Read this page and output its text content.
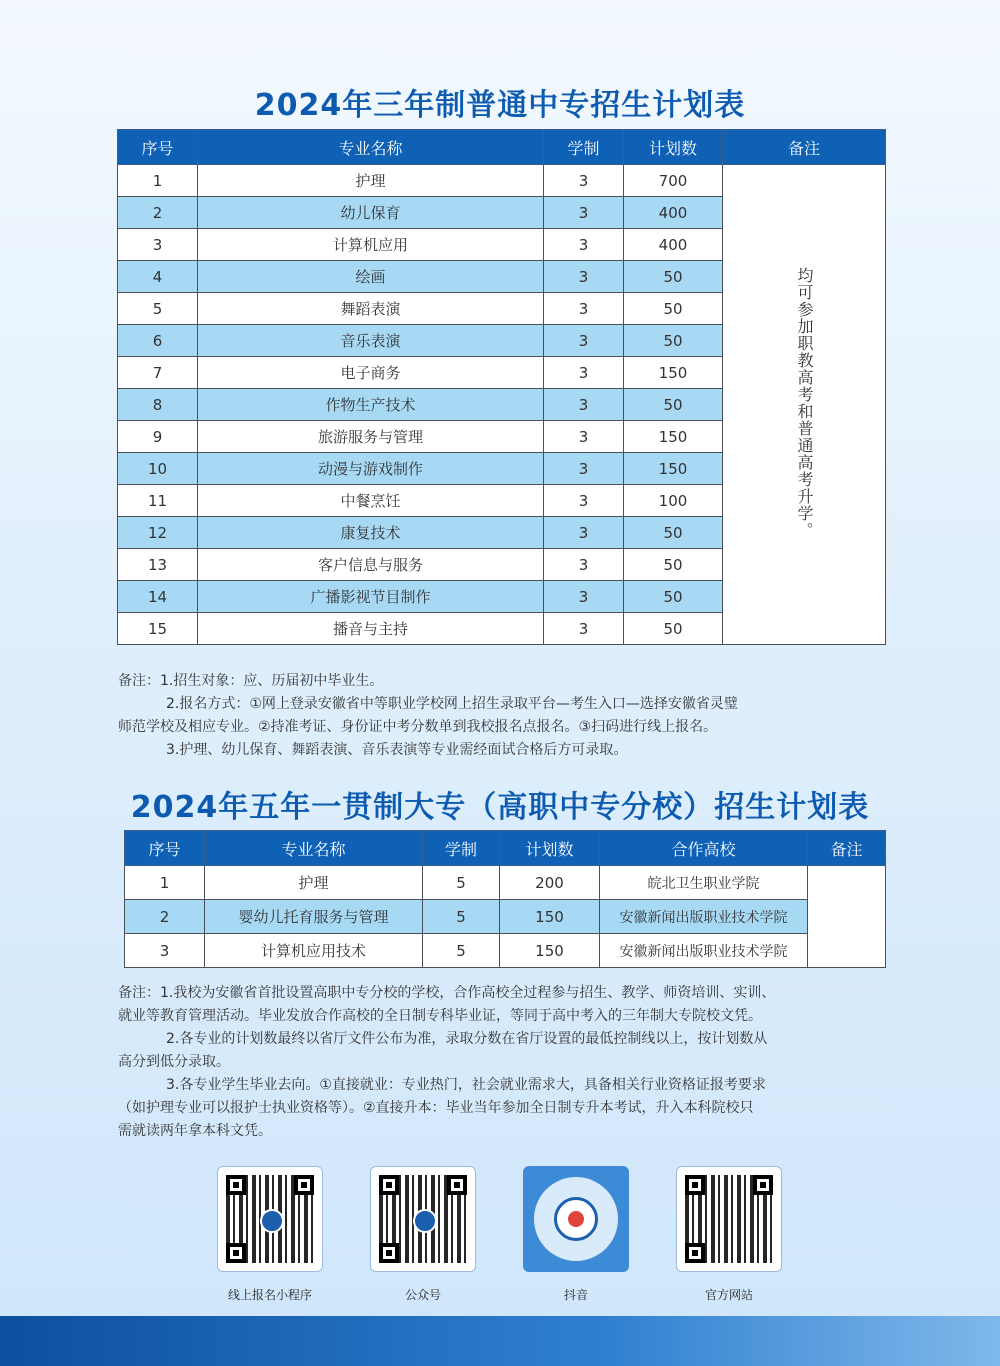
2024年三年制普通中专招生计划表
序号	专业名称	学制	计划数	备注
1	护理	3	700	均可参加职教高考和普通高考升学。
2	幼儿保育	3	400	
3	计算机应用	3	400	
4	绘画	3	50	
5	舞蹈表演	3	50	
6	音乐表演	3	50	
7	电子商务	3	150	
8	作物生产技术	3	50	
9	旅游服务与管理	3	150	
10	动漫与游戏制作	3	150	
11	中餐烹饪	3	100	
12	康复技术	3	50	
13	客户信息与服务	3	50	
14	广播影视节目制作	3	50	
15	播音与主持	3	50	

备注：1.招生对象：应、历届初中毕业生。

2.报名方式：①网上登录安徽省中等职业学校网上招生录取平台—考生入口—选择安徽省灵璧

师范学校及相应专业。②持准考证、身份证中考分数单到我校报名点报名。③扫码进行线上报名。

3.护理、幼儿保育、舞蹈表演、音乐表演等专业需经面试合格后方可录取。

2024年五年一贯制大专（高职中专分校）招生计划表
序号	专业名称	学制	计划数	合作高校	备注
1	护理	5	200	皖北卫生职业学院	
2	婴幼儿托育服务与管理	5	150	安徽新闻出版职业技术学院	
3	计算机应用技术	5	150	安徽新闻出版职业技术学院	

备注：1.我校为安徽省首批设置高职中专分校的学校，合作高校全过程参与招生、教学、师资培训、实训、

就业等教育管理活动。毕业发放合作高校的全日制专科毕业证，等同于高中考入的三年制大专院校文凭。

2.各专业的计划数最终以省厅文件公布为准，录取分数在省厅设置的最低控制线以上，按计划数从

高分到低分录取。

3.各专业学生毕业去向。①直接就业：专业热门，社会就业需求大，具备相关行业资格证报考要求

（如护理专业可以报护士执业资格等）。②直接升本：毕业当年参加全日制专升本考试，升入本科院校只

需就读两年拿本科文凭。

线上报名小程序	公众号	抖音	官方网站
